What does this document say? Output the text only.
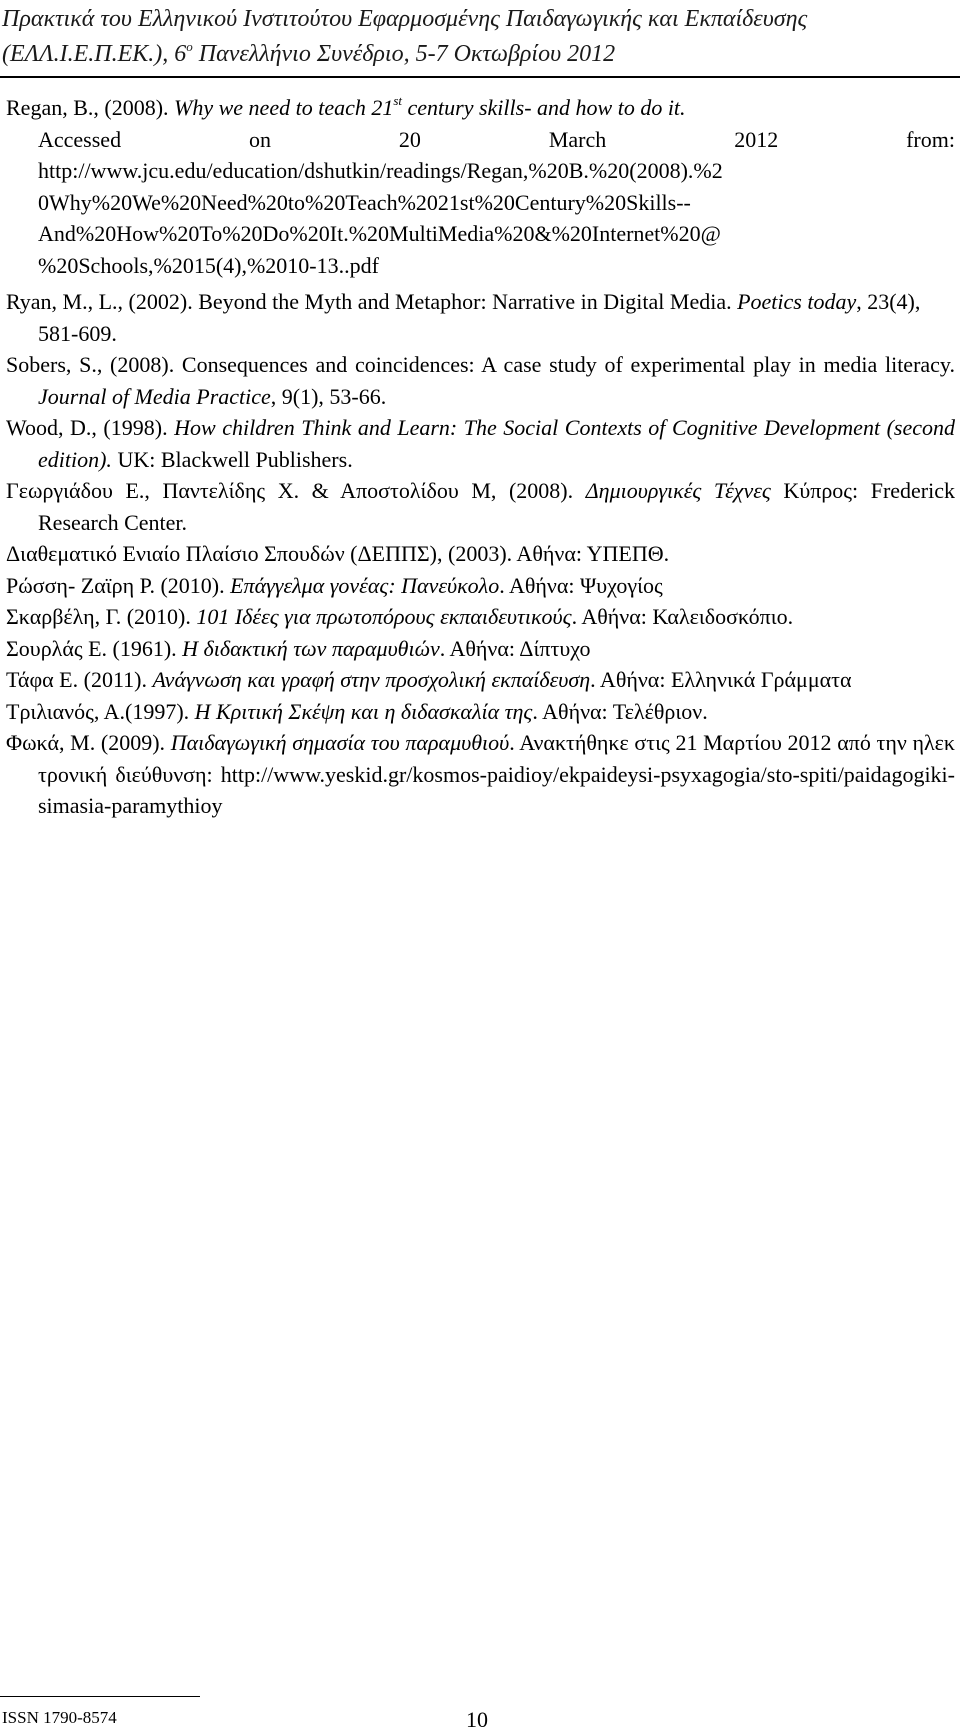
Πρακτικά του Ελληνικού Ινστιτούτου Εφαρμοσμένης Παιδαγωγικής και Εκπαίδευσης
(ΕΛΛ.Ι.Ε.Π.ΕΚ.), $6^o$ Πανελλήνιο Συνέδριο, 5-7 Οκτωβρίου 2012
Regan, B., (2008). Why we need to teach 21st century skills- and how to do it.
Accessed	on	20	March	2012	from:
http://www.jcu.edu/education/dshutkin/readings/Regan,%20B.%20(2008).%2
0Why%20We%20Need%20to%20Teach%2021st%20Century%20Skills--
And%20How%20To%20Do%20It.%20MultiMedia%20&%20Internet%20@
%20Schools,%2015(4),%2010-13..pdf
Ryan, M., L., (2002). Beyond the Myth and Metaphor: Narrative in Digital Media. Poetics today, 23(4), 581-609.
Sobers, S., (2008). Consequences and coincidences: A case study of experimental play in media literacy. Journal of Media Practice, 9(1), 53-66.
Wood, D., (1998). How children Think and Learn: The Social Contexts of Cognitive Development (second edition). UK: Blackwell Publishers.
Γεωργιάδου Ε., Παντελίδης Χ. & Αποστολίδου Μ, (2008). Δημιουργικές Τέχνες Κύπρος: Frederick Research Center.
Διαθεματικό Ενιαίο Πλαίσιο Σπουδών (ΔΕΠΠΣ), (2003). Αθήνα: ΥΠΕΠΘ.
Ρώσση- Ζαϊρη Ρ. (2010). Επάγγελμα γονέας: Πανεύκολο. Αθήνα: Ψυχογίος
Σκαρβέλη, Γ. (2010). 101 Ιδέες για πρωτοπόρους εκπαιδευτικούς. Αθήνα: Καλειδοσκόπιο.
Σουρλάς Ε. (1961). Η διδακτική των παραμυθιών. Αθήνα: Δίπτυχο
Τάφα Ε. (2011). Ανάγνωση και γραφή στην προσχολική εκπαίδευση. Αθήνα: Ελληνικά Γράμματα
Τριλιανός, Α.(1997). Η Κριτική Σκέψη και η διδασκαλία της. Αθήνα: Τελέθριον.
Φωκά, Μ. (2009). Παιδαγωγική σημασία του παραμυθιού. Ανακτήθηκε στις 21 Μαρτίου 2012 από την ηλεκτρονική διεύθυνση: http://www.yeskid.gr/kosmos-paidioy/ekpaideysi-psyxagogia/sto-spiti/paidagogiki-simasia-paramythioy
ISSN 1790-8574	10
